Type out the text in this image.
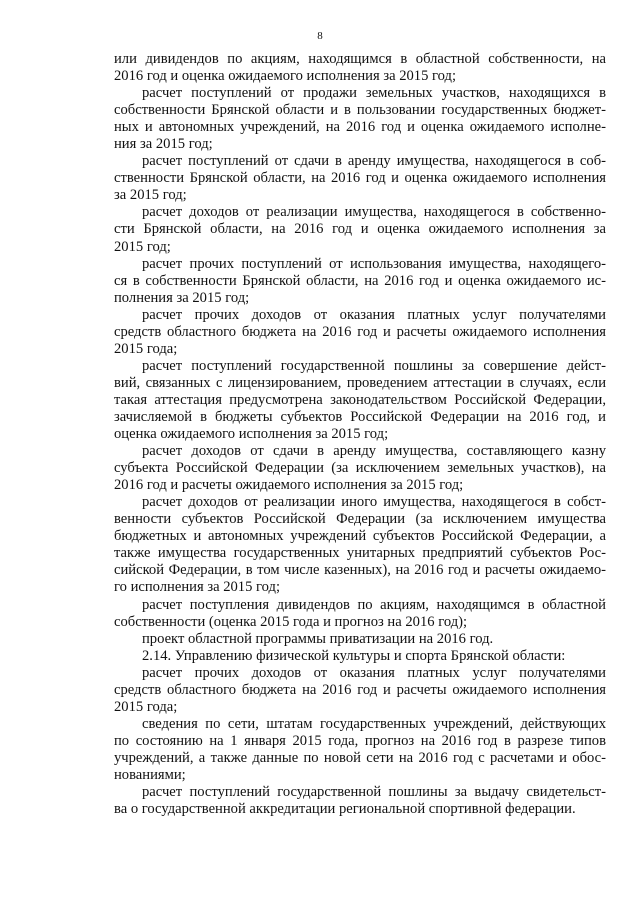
8
или дивидендов по акциям, находящимся в областной собственности, на
2016 год и оценка ожидаемого исполнения за 2015 год;
расчет поступлений от продажи земельных участков, находящихся в
собственности Брянской области и в пользовании государственных бюджет-
ных и автономных учреждений, на 2016 год и оценка ожидаемого исполне-
ния за 2015 год;
расчет поступлений от сдачи в аренду имущества, находящегося в соб-
ственности Брянской области, на 2016 год и оценка ожидаемого исполнения
за 2015 год;
расчет доходов от реализации имущества, находящегося в собственно-
сти Брянской области, на 2016 год и оценка ожидаемого исполнения за
2015 год;
расчет прочих поступлений от использования имущества, находящего-
ся в собственности Брянской области, на 2016 год и оценка ожидаемого ис-
полнения за 2015 год;
расчет прочих доходов от оказания платных услуг получателями
средств областного бюджета на 2016 год и расчеты ожидаемого исполнения
2015 года;
расчет поступлений государственной пошлины за совершение дейст-
вий, связанных с лицензированием, проведением аттестации в случаях, если
такая аттестация предусмотрена законодательством Российской Федерации,
зачисляемой в бюджеты субъектов Российской Федерации на 2016 год, и
оценка ожидаемого исполнения за 2015 год;
расчет доходов от сдачи в аренду имущества, составляющего казну
субъекта Российской Федерации (за исключением земельных участков), на
2016 год и расчеты ожидаемого исполнения за 2015 год;
расчет доходов от реализации иного имущества, находящегося в собст-
венности субъектов Российской Федерации (за исключением имущества
бюджетных и автономных учреждений субъектов Российской Федерации, а
также имущества государственных унитарных предприятий субъектов Рос-
сийской Федерации, в том числе казенных), на 2016 год и расчеты ожидаемо-
го исполнения за 2015 год;
расчет поступления дивидендов по акциям, находящимся в областной
собственности (оценка 2015 года и прогноз на 2016 год);
проект областной программы приватизации на 2016 год.
2.14. Управлению физической культуры и спорта Брянской области:
расчет прочих доходов от оказания платных услуг получателями
средств областного бюджета на 2016 год и расчеты ожидаемого исполнения
2015 года;
сведения по сети, штатам государственных учреждений, действующих
по состоянию на 1 января 2015 года, прогноз на 2016 год в разрезе типов
учреждений, а также данные по новой сети на 2016 год с расчетами и обос-
нованиями;
расчет поступлений государственной пошлины за выдачу свидетельст-
ва о государственной аккредитации региональной спортивной федерации.
